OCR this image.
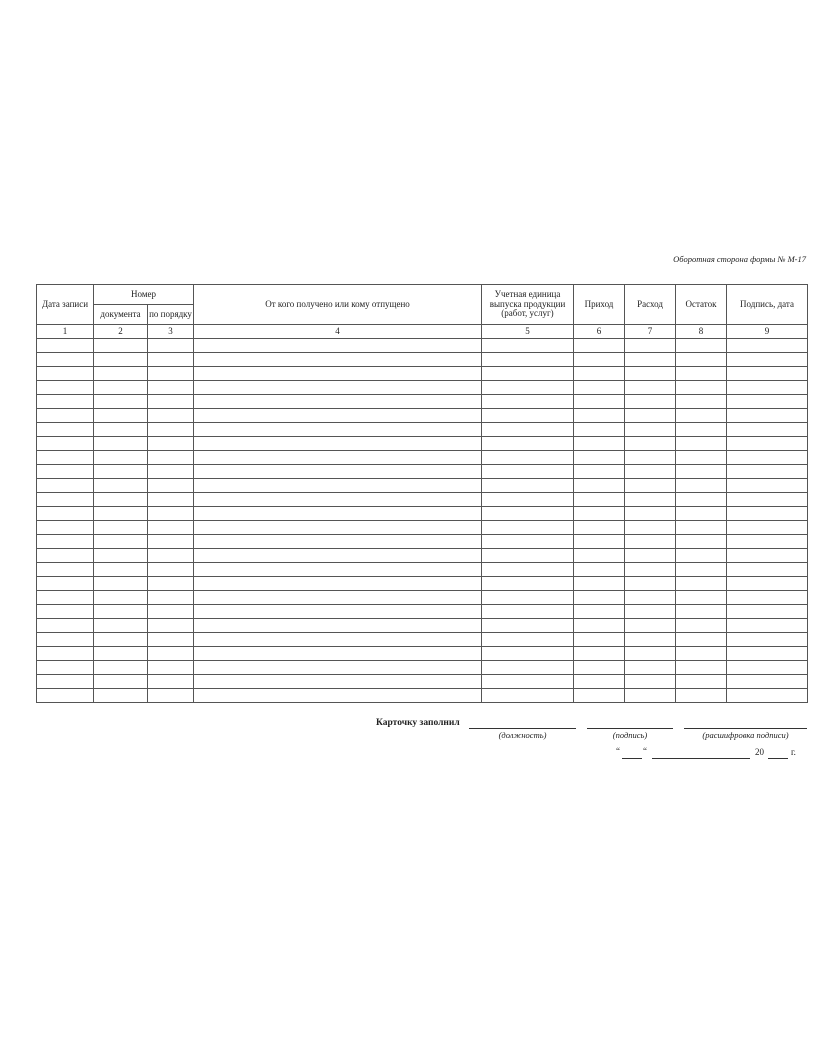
Оборотная сторона формы № М-17
Дата записи	Номер		От кого получено или кому отпущено	Учетная единица выпуска продукции (работ, услуг)	Приход	Расход	Остаток	Подпись, дата
	документа	по порядку						
1	2	3	4	5	6	7	8	9

Карточку заполнил
(должность)	(подпись)	(расшифровка подписи)
“	“	20	г.
